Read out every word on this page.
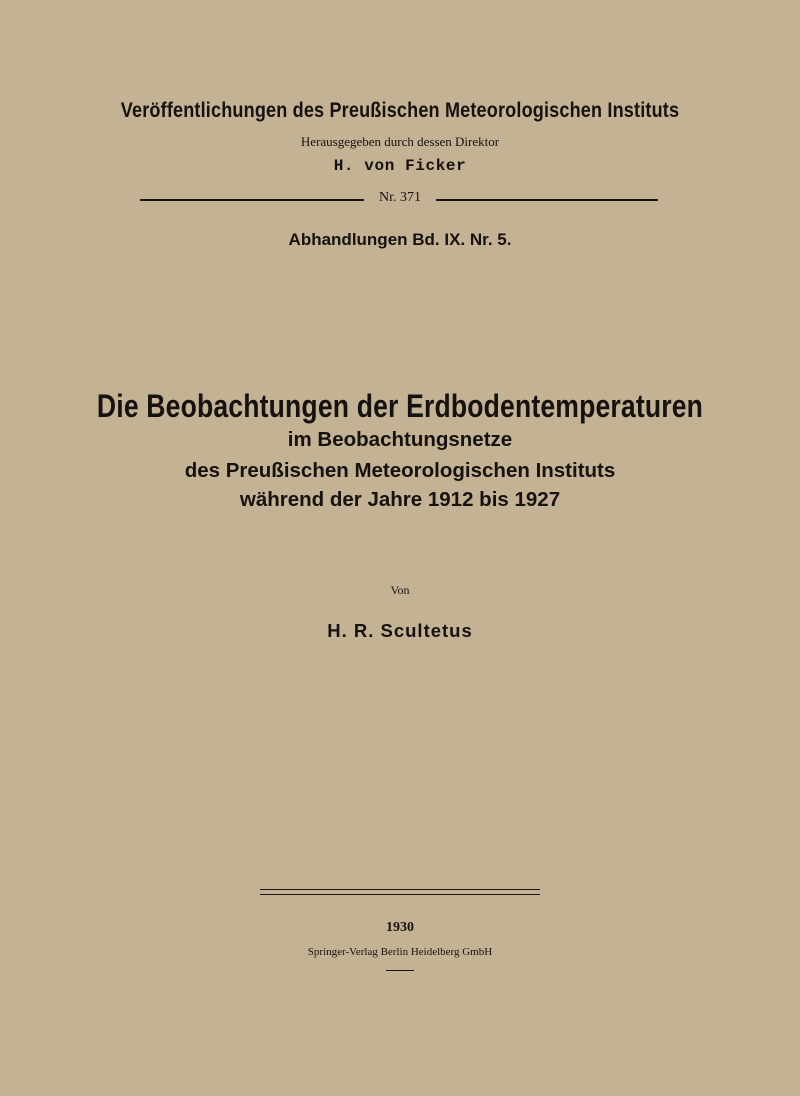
Veröffentlichungen des Preußischen Meteorologischen Instituts
Herausgegeben durch dessen Direktor
H. von Ficker
Nr. 371
Abhandlungen Bd. IX. Nr. 5.
Die Beobachtungen der Erdbodentemperaturen
im Beobachtungsnetze
des Preußischen Meteorologischen Instituts
während der Jahre 1912 bis 1927
Von
H. R. Scultetus
1930
Springer-Verlag Berlin Heidelberg GmbH
